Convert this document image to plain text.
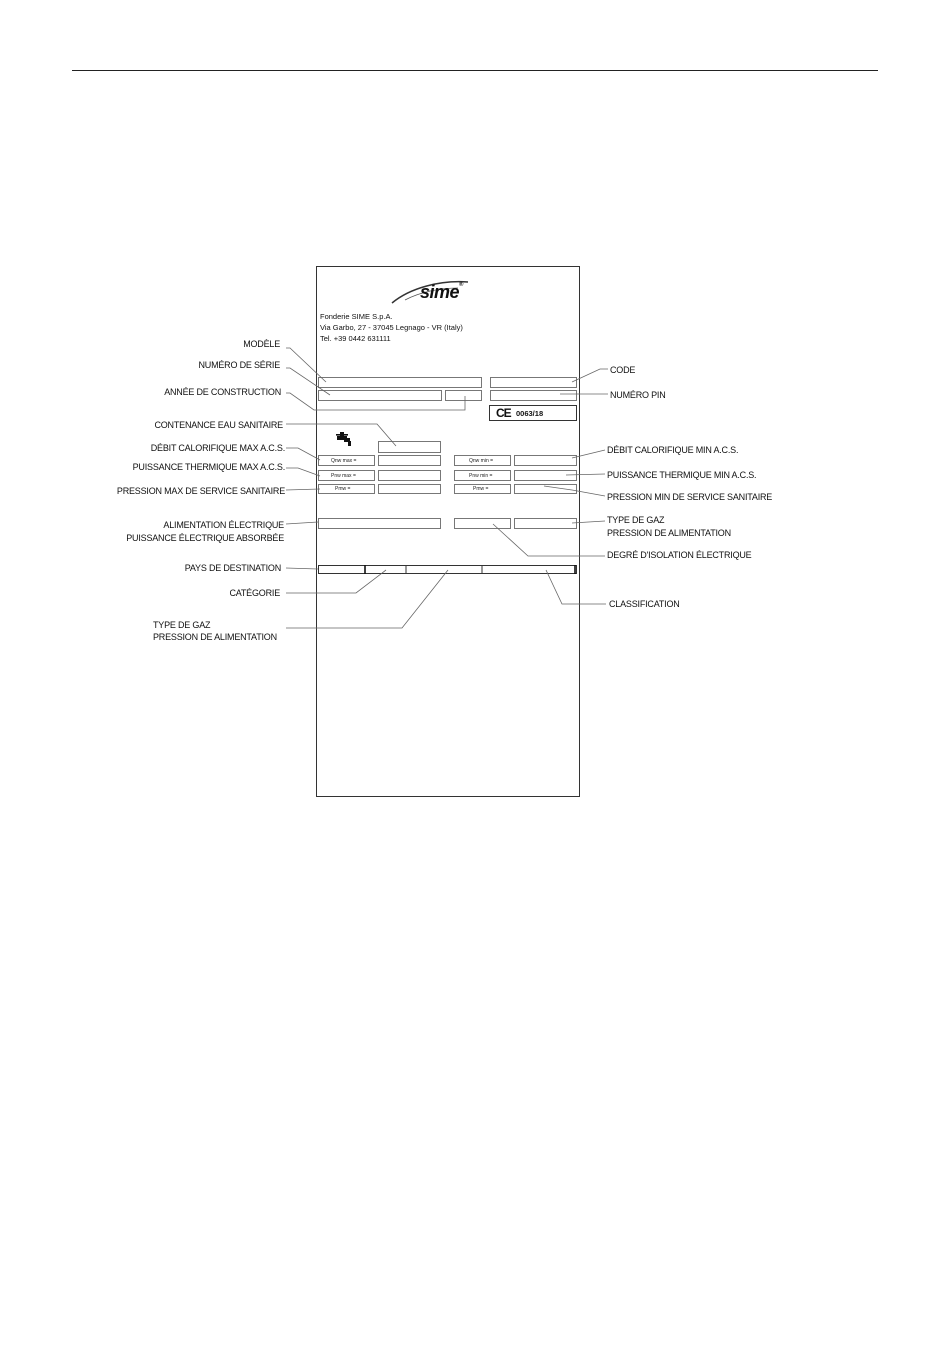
sime®
Fonderie SIME S.p.A.
Via Garbo, 27 - 37045 Legnago - VR (Italy)
Tel. +39 0442 631111
CE 0063/18
Qnw max =	Qnw min =
Pnw max =	Pnw min =
Pmw =	Pmw =
MODÈLE
NUMÉRO DE SÉRIE
ANNÉE DE CONSTRUCTION
CONTENANCE EAU SANITAIRE
DÉBIT CALORIFIQUE MAX A.C.S.
PUISSANCE THERMIQUE MAX A.C.S.
PRESSION MAX DE SERVICE SANITAIRE
ALIMENTATION ÉLECTRIQUE
PUISSANCE ÉLECTRIQUE ABSORBÉE
PAYS DE DESTINATION
CATÉGORIE
TYPE DE GAZ
PRESSION DE ALIMENTATION
CODE
NUMÉRO PIN
DÉBIT CALORIFIQUE MIN A.C.S.
PUISSANCE THERMIQUE MIN A.C.S.
PRESSION MIN DE SERVICE SANITAIRE
TYPE DE GAZ
PRESSION DE ALIMENTATION
DEGRÉ D'ISOLATION ÉLECTRIQUE
CLASSIFICATION
